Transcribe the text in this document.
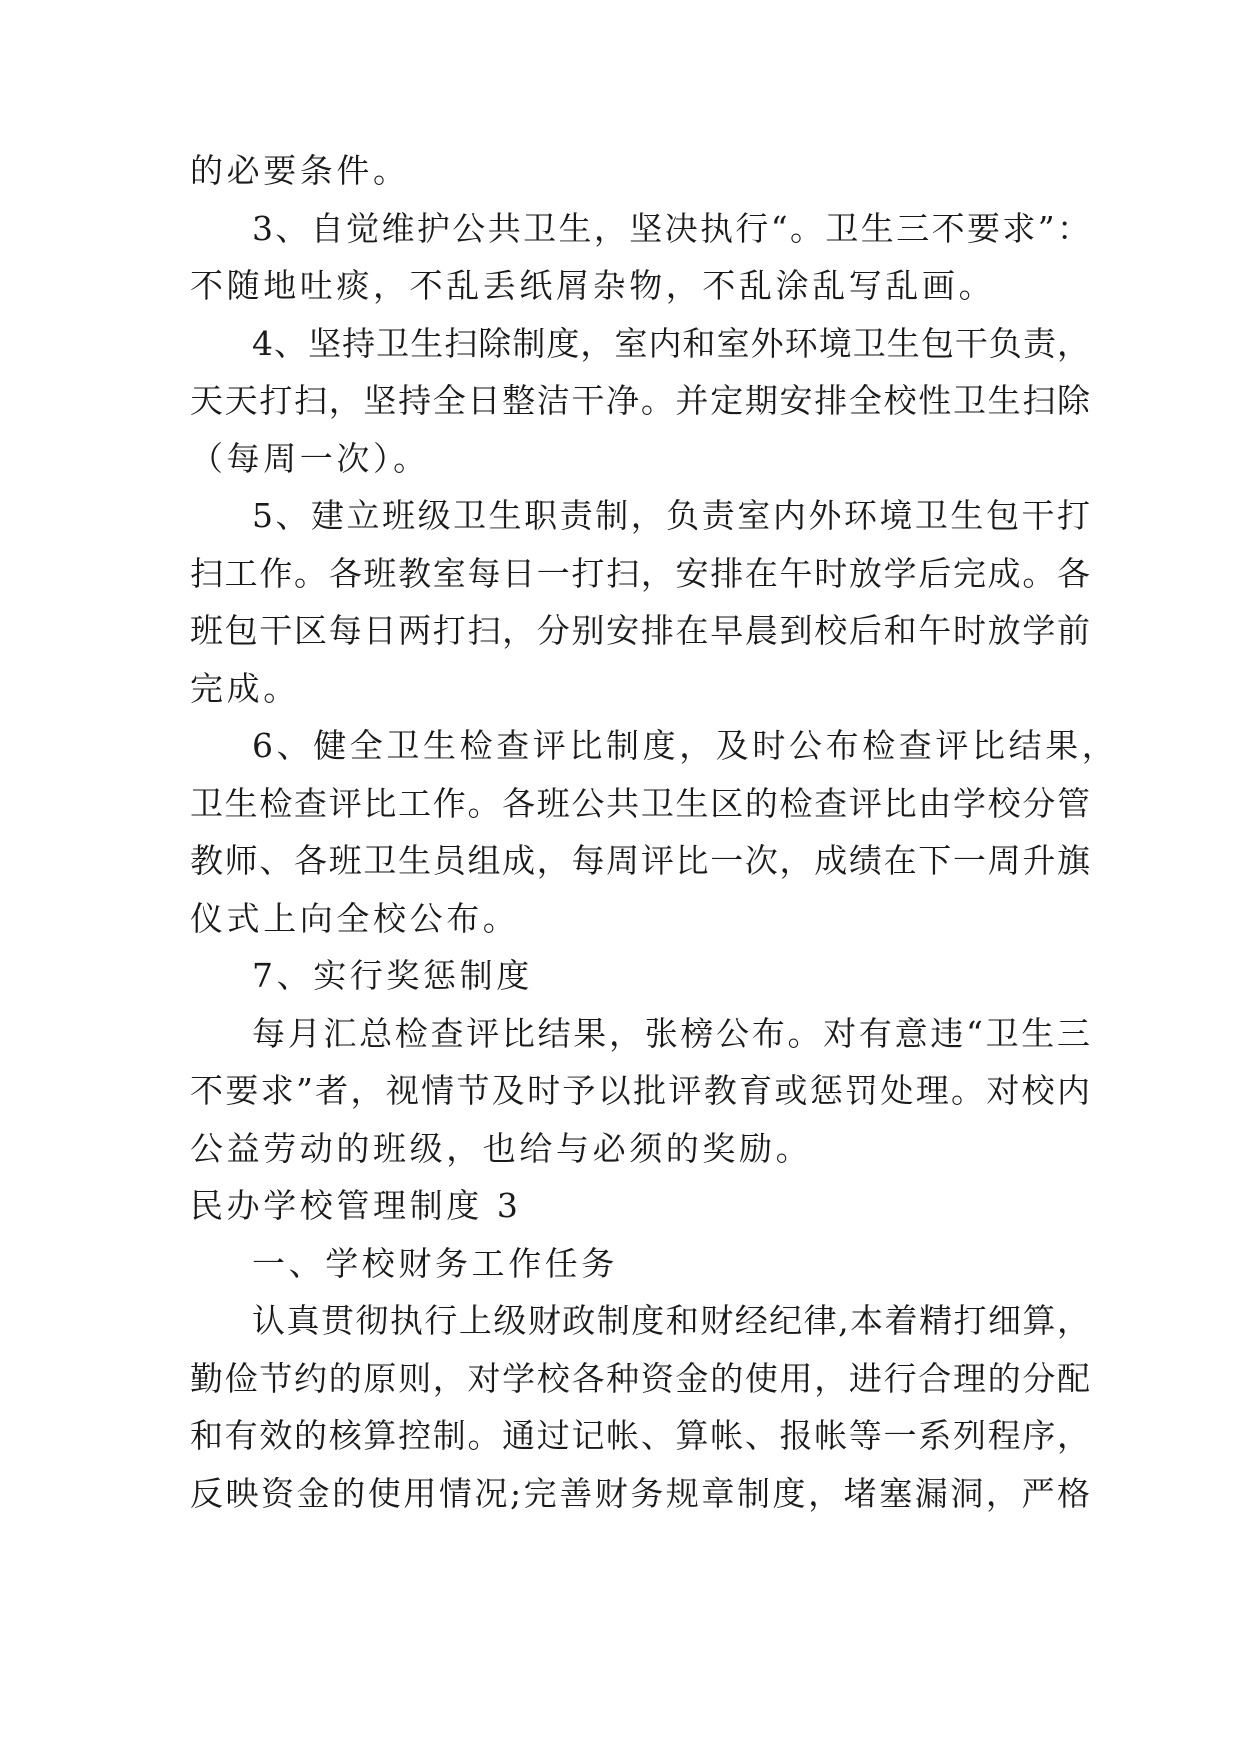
的必要条件。
3、自觉维护公共卫生，坚决执行“。卫生三不要求”：
不随地吐痰，不乱丢纸屑杂物，不乱涂乱写乱画。
4、坚持卫生扫除制度，室内和室外环境卫生包干负责，
天天打扫，坚持全日整洁干净。并定期安排全校性卫生扫除
（每周一次）。
5、建立班级卫生职责制，负责室内外环境卫生包干打
扫工作。各班教室每日一打扫，安排在午时放学后完成。各
班包干区每日两打扫，分别安排在早晨到校后和午时放学前
完成。
6、健全卫生检查评比制度，及时公布检查评比结果，
卫生检查评比工作。各班公共卫生区的检查评比由学校分管
教师、各班卫生员组成，每周评比一次，成绩在下一周升旗
仪式上向全校公布。
7、实行奖惩制度
每月汇总检查评比结果，张榜公布。对有意违“卫生三
不要求”者，视情节及时予以批评教育或惩罚处理。对校内
公益劳动的班级，也给与必须的奖励。
民办学校管理制度 3
一、学校财务工作任务
认真贯彻执行上级财政制度和财经纪律,本着精打细算，
勤俭节约的原则，对学校各种资金的使用，进行合理的分配
和有效的核算控制。通过记帐、算帐、报帐等一系列程序，
反映资金的使用情况;完善财务规章制度，堵塞漏洞，严格
